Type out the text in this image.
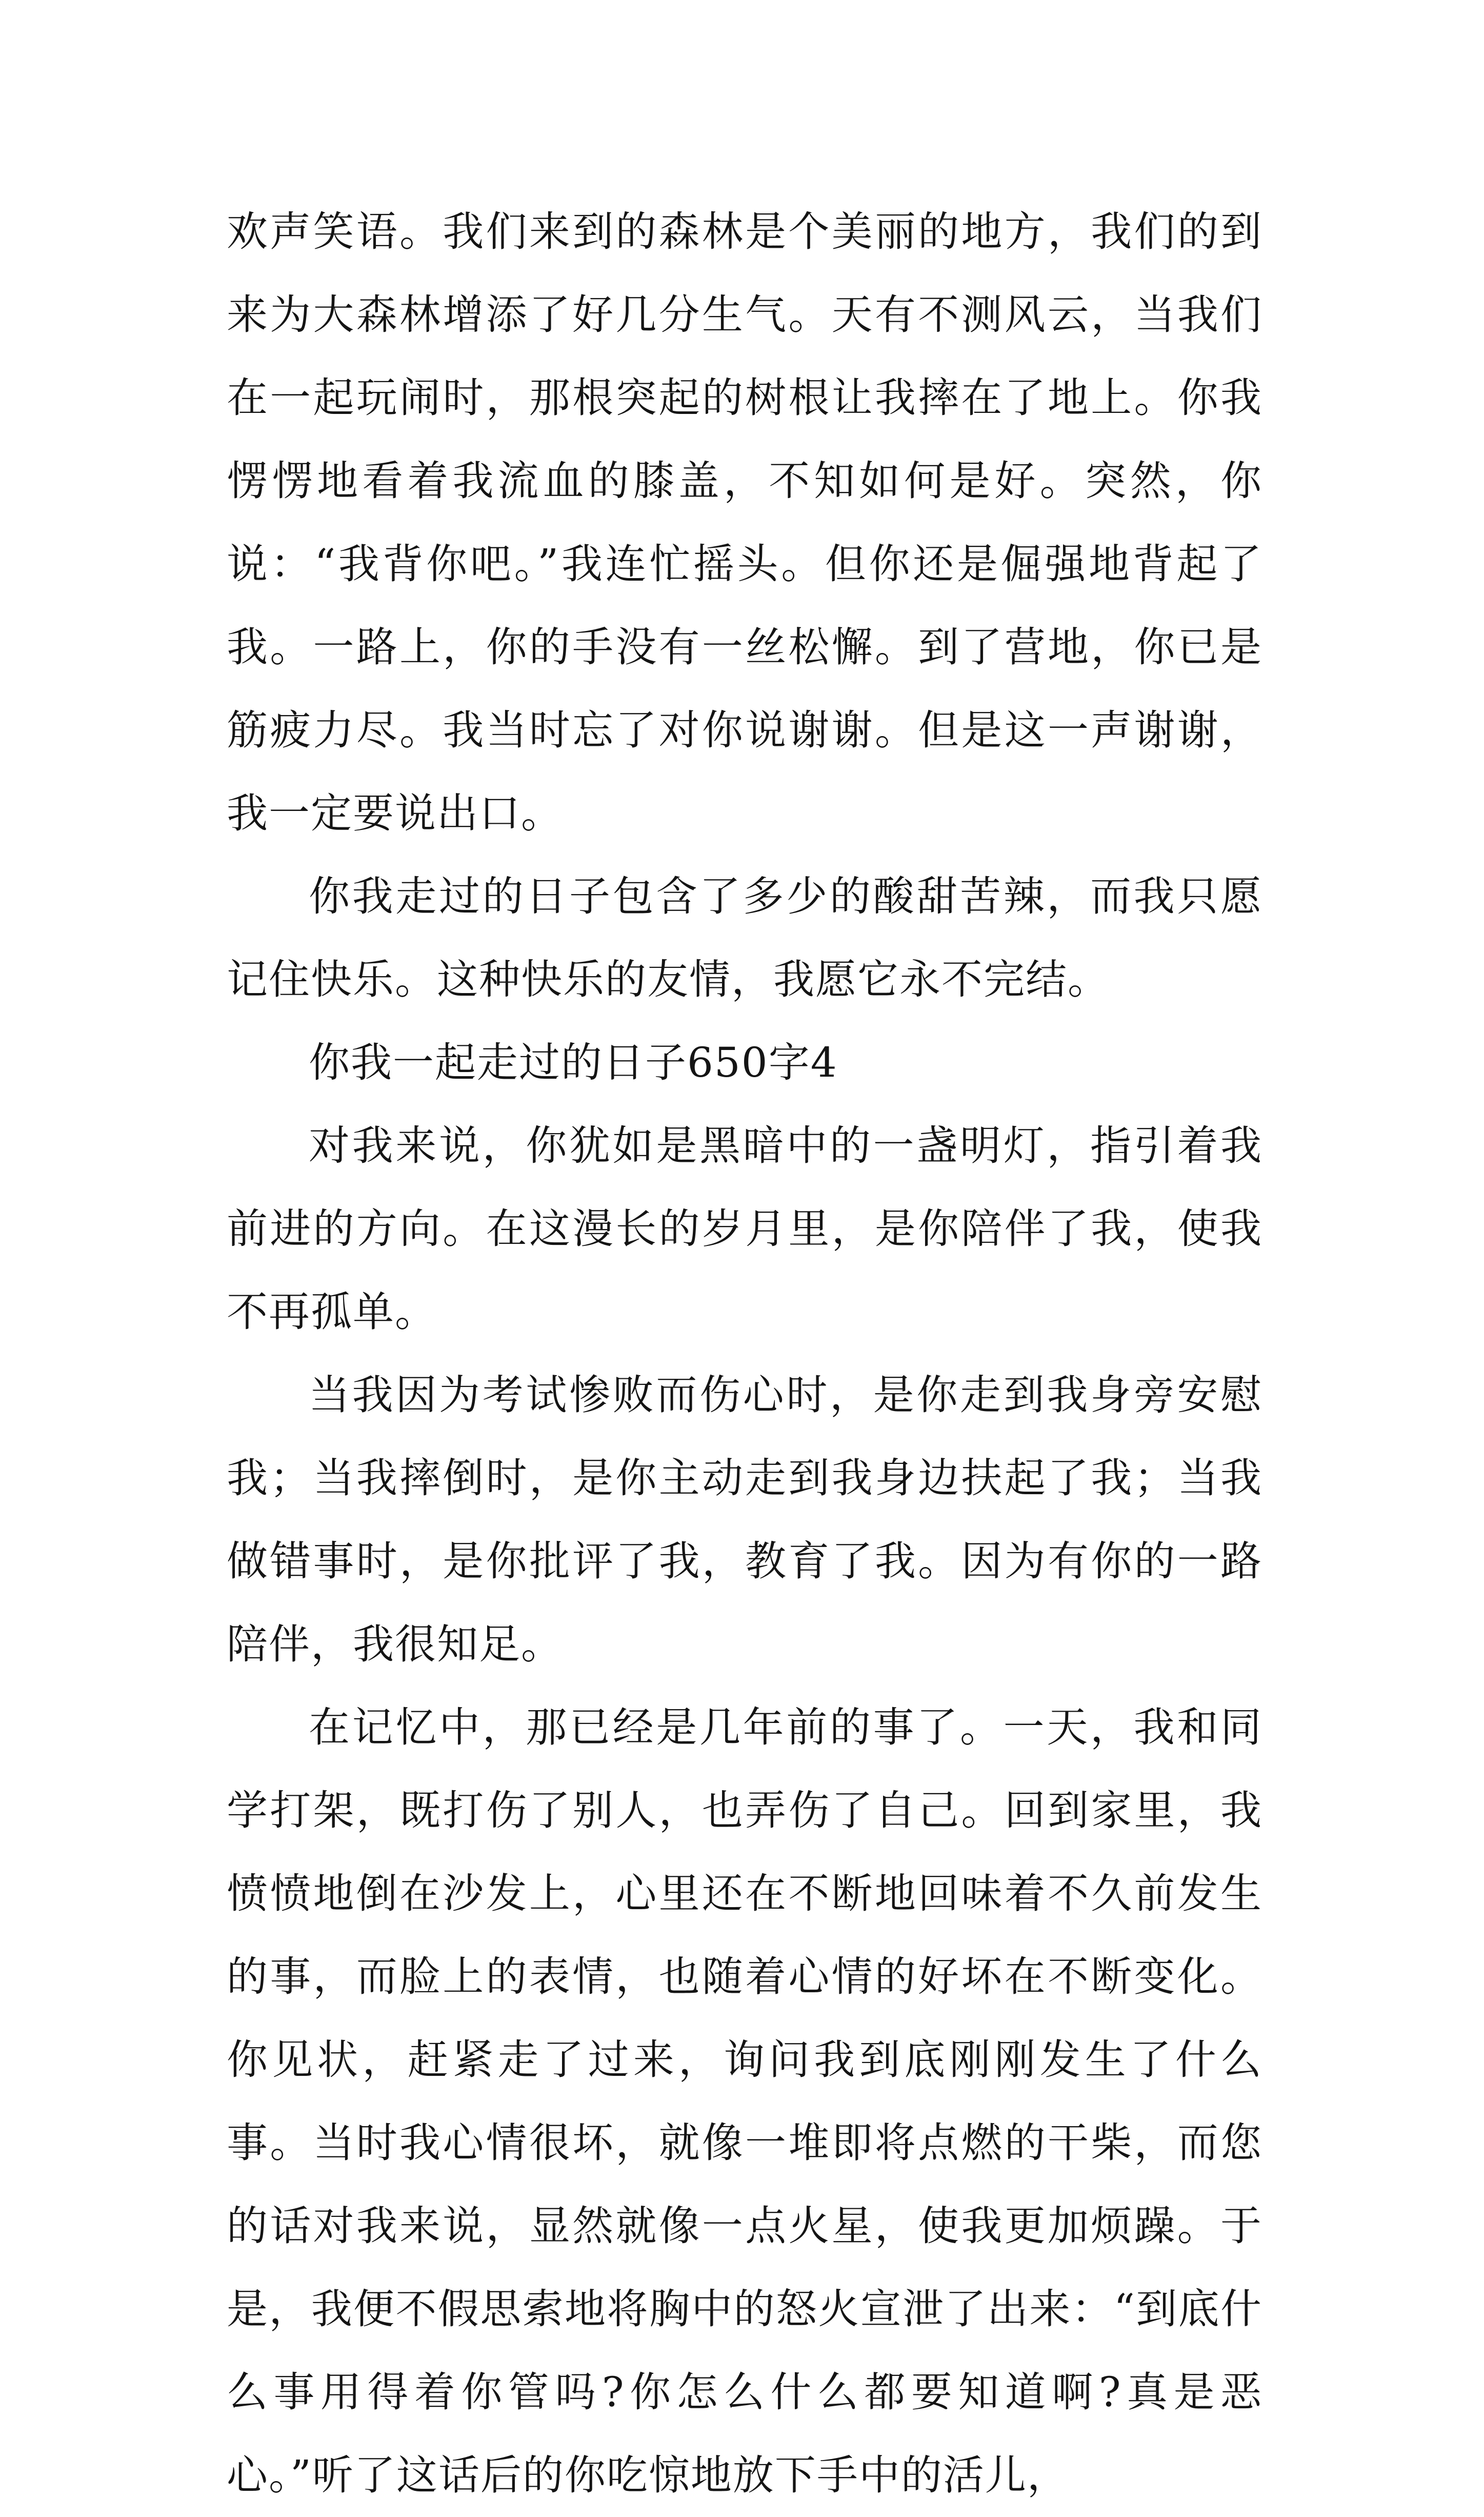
欢声笑语。我们来到的森林是个美丽的地方，我们的到来为大森林增添了好几分生气。天有不测风云，当我们在一起玩闹时，那根突起的树根让我摔在了地上。你我愣愣地看着我流血的膝盖，不知如何是好。突然，你说：“我背你吧。”我连忙摇头。但你还是倔强地背起了我。一路上，你的手没有一丝松懈。到了营地，你已是筋疲力尽。我当时忘了对你说谢谢。但是这一声谢谢，我一定要说出口。

你我走过的日子包含了多少的酸甜苦辣，而我只愿记住快乐。这种快乐的友情，我愿它永不完结。

你我一起走过的日子650字4

对我来说，你犹如是黑暗中的一盏明灯，指引着我前进的方向。在这漫长的岁月里，是你陪伴了我，使我不再孤单。

当我因为考试惨败而伤心时，是你走到我身旁安慰我；当我摔倒时，是你主动走到我身边扶起了我；当我做错事时，是你批评了我，教育了我。因为有你的一路陪伴，我很知足。

在记忆中，那已经是几年前的事了。一天，我和同学打架，既打伤了别人，也弄伤了自己。回到家里，我愤愤地倒在沙发上，心里还在不断地回味着不久前发生的事，而脸上的表情，也随着心情的好坏在不断变化。你见状，赶紧走了过来，询问我到底刚刚发生了什么事。当时我心情很坏，就像一堆即将点燃的干柴，而您的话对我来说，显然就像一点火星，使我更加烦躁。于是，我便不假思索地将胸中的怒火宣泄了出来：“到底什么事用得着你管吗?你怎么什么都要知道啊?真是恶心。”听了这话后的你吃惊地放下手中的活儿，
